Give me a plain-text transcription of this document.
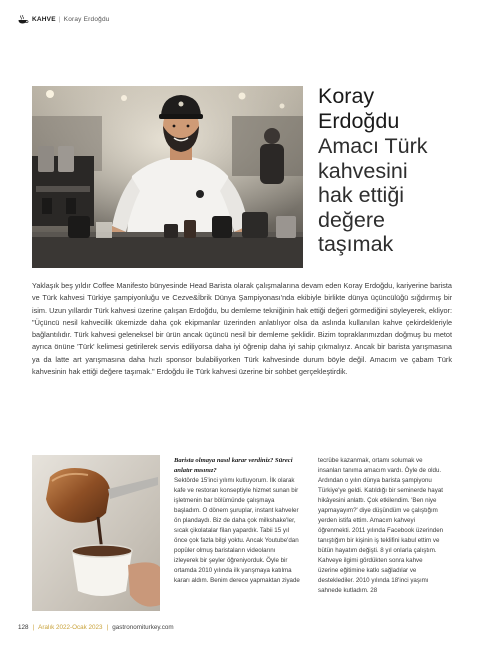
KAHVE | Koray Erdoğdu
Koray
Erdoğdu
Amacı Türk
kahvesini
hak ettiği
değere
taşımak

Yaklaşık beş yıldır Coffee Manifesto bünyesinde Head Barista olarak çalışmalarına devam eden Koray Erdoğdu, kariyerine barista ve Türk kahvesi Türkiye şampiyonluğu ve Cezve&İbrik Dünya Şampiyonası'nda ekibiyle birlikte dünya üçüncülüğü sığdırmış bir isim. Uzun yıllardır Türk kahvesi üzerine çalışan Erdoğdu, bu demleme tekniğinin hak ettiği değeri görmediğini söyleyerek, ekliyor: "Üçüncü nesil kahvecilik ükemizde daha çok ekipmanlar üzerinden anlatılıyor olsa da aslında kullanılan kahve çekirdekleriyle bağlantılıdır. Türk kahvesi geleneksel bir ürün ancak üçüncü nesil bir demleme şeklidir. Bizim topraklarımızdan doğmuş bu metot ayrıca önüne 'Türk' kelimesi getirilerek servis ediliyorsa daha iyi öğrenip daha iyi sahip çıkmalıyız. Ancak bir barista yarışmasına ya da latte art yarışmasına daha hızlı sponsor bulabiliyorken Türk kahvesinde durum böyle değil. Amacım ve çabam Türk kahvesinin hak ettiği değere taşımak." Erdoğdu ile Türk kahvesi üzerine bir sohbet gerçekleştirdik.

Barista olmaya nasıl karar verdiniz? Süreci anlatır mısınız?

Sektörde 15'inci yılımı kutluyorum. İlk olarak kafe ve restoran konseptiyle hizmet sunan bir işletmenin bar bölümünde çalışmaya başladım. O dönem şuruplar, instant kahveler ön plandaydı. Biz de daha çok milkshake'ler, sıcak çikolatalar filan yapardık. Tabii 15 yıl önce çok fazla bilgi yoktu. Ancak Youtube'dan popüler olmuş baristaların videolarını izleyerek bir şeyler öğreniyorduk. Öyle bir ortamda 2010 yılında ilk yarışmaya katılma kararı aldım. Benim derece yapmaktan ziyade

tecrübe kazanmak, ortamı solumak ve insanları tanıma amacım vardı. Öyle de oldu. Ardından o yılın dünya barista şampiyonu Türkiye'ye geldi. Katıldığı bir seminerde hayat hikâyesini anlattı. Çok etkilendim. 'Ben niye yapmayayım?' diye düşündüm ve çalıştığım yerden istifa ettim. Amacım kahveyi öğrenmekti. 2011 yılında Facebook üzerinden tanıştığım bir kişinin iş teklifini kabul ettim ve bütün hayatım değişti. 8 yıl onlarla çalıştım. Kahveye ilgimi gördükten sonra kahve üzerine eğitimine katkı sağladılar ve desteklediler. 2010 yılında 18'inci yaşımı sahnede kutladım. 28

128 | Aralık 2022-Ocak 2023 | gastronomiturkey.com
